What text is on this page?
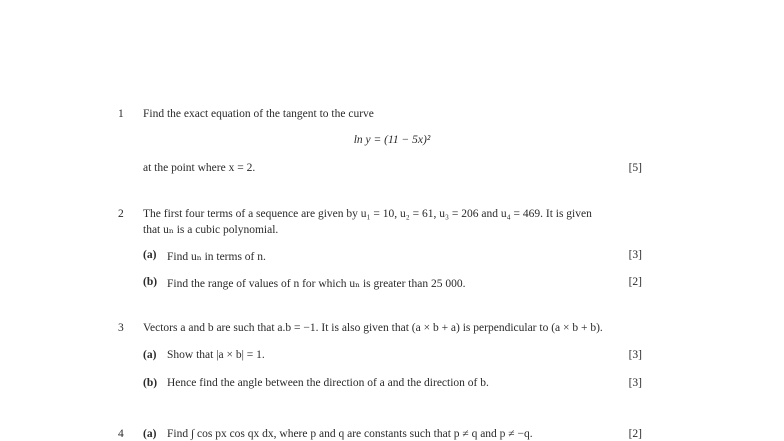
1 Find the exact equation of the tangent to the curve
ln y = (11 − 5x)²
at the point where x = 2.	[5]
2 The first four terms of a sequence are given by u₁ = 10, u₂ = 61, u₃ = 206 and u₄ = 469. It is given
that uₙ is a cubic polynomial.
(a) Find uₙ in terms of n.	[3]
(b) Find the range of values of n for which uₙ is greater than 25 000.	[2]
3 Vectors a and b are such that a.b = −1. It is also given that (a × b + a) is perpendicular to (a × b + b).
(a) Show that |a × b| = 1.	[3]
(b) Hence find the angle between the direction of a and the direction of b.	[3]
4 (a) Find ∫ cos px cos qx dx, where p and q are constants such that p ≠ q and p ≠ −q.	[2]
